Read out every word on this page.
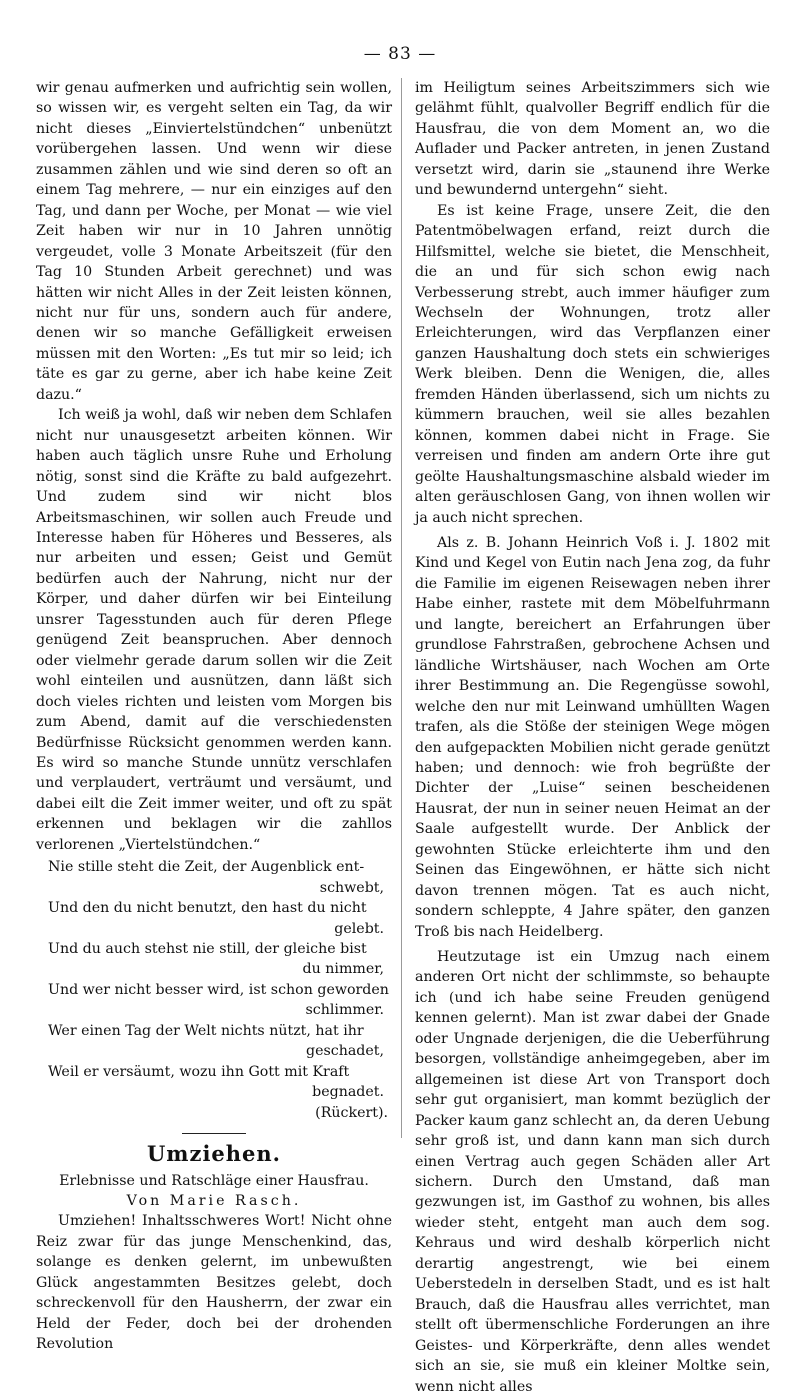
— 83 —

wir genau aufmerken und aufrichtig sein wollen, so wissen wir, es vergeht selten ein Tag, da wir nicht dieses „Einviertelstündchen“ unbenützt vorübergehen lassen. Und wenn wir diese zusammen zählen und wie sind deren so oft an einem Tag mehrere, — nur ein einziges auf den Tag, und dann per Woche, per Monat — wie viel Zeit haben wir nur in 10 Jahren unnötig vergeudet, volle 3 Monate Arbeitszeit (für den Tag 10 Stunden Arbeit gerechnet) und was hätten wir nicht Alles in der Zeit leisten können, nicht nur für uns, sondern auch für andere, denen wir so manche Gefälligkeit erweisen müssen mit den Worten: „Es tut mir so leid; ich täte es gar zu gerne, aber ich habe keine Zeit dazu.“

Ich weiß ja wohl, daß wir neben dem Schlafen nicht nur unausgesetzt arbeiten können. Wir haben auch täglich unsre Ruhe und Erholung nötig, sonst sind die Kräfte zu bald aufgezehrt. Und zudem sind wir nicht blos Arbeitsmaschinen, wir sollen auch Freude und Interesse haben für Höheres und Besseres, als nur arbeiten und essen; Geist und Gemüt bedürfen auch der Nahrung, nicht nur der Körper, und daher dürfen wir bei Einteilung unsrer Tagesstunden auch für deren Pflege genügend Zeit beanspruchen. Aber dennoch oder vielmehr gerade darum sollen wir die Zeit wohl einteilen und ausnützen, dann läßt sich doch vieles richten und leisten vom Morgen bis zum Abend, damit auf die verschiedensten Bedürfnisse Rücksicht genommen werden kann. Es wird so manche Stunde unnütz verschlafen und verplaudert, verträumt und versäumt, und dabei eilt die Zeit immer weiter, und oft zu spät erkennen und beklagen wir die zahllos verlorenen „Viertelstündchen.“

Nie stille steht die Zeit, der Augenblick ent-
schwebt,
Und den du nicht benutzt, den hast du nicht
gelebt.
Und du auch stehst nie still, der gleiche bist
du nimmer,
Und wer nicht besser wird, ist schon geworden
schlimmer.
Wer einen Tag der Welt nichts nützt, hat ihr
geschadet,
Weil er versäumt, wozu ihn Gott mit Kraft
begnadet.
(Rückert).
Umziehen.
Erlebnisse und Ratschläge einer Hausfrau.
Von Marie Rasch.

Umziehen! Inhaltsschweres Wort! Nicht ohne Reiz zwar für das junge Menschenkind, das, solange es denken gelernt, im unbewußten Glück angestammten Besitzes gelebt, doch schreckenvoll für den Hausherrn, der zwar ein Held der Feder, doch bei der drohenden Revolution

im Heiligtum seines Arbeitszimmers sich wie gelähmt fühlt, qualvoller Begriff endlich für die Hausfrau, die von dem Moment an, wo die Auflader und Packer antreten, in jenen Zustand versetzt wird, darin sie „staunend ihre Werke und bewundernd untergehn“ sieht.

Es ist keine Frage, unsere Zeit, die den Patentmöbelwagen erfand, reizt durch die Hilfsmittel, welche sie bietet, die Menschheit, die an und für sich schon ewig nach Verbesserung strebt, auch immer häufiger zum Wechseln der Wohnungen, trotz aller Erleichterungen, wird das Verpflanzen einer ganzen Haushaltung doch stets ein schwieriges Werk bleiben. Denn die Wenigen, die, alles fremden Händen überlassend, sich um nichts zu kümmern brauchen, weil sie alles bezahlen können, kommen dabei nicht in Frage. Sie verreisen und finden am andern Orte ihre gut geölte Haushaltungsmaschine alsbald wieder im alten geräuschlosen Gang, von ihnen wollen wir ja auch nicht sprechen.

Als z. B. Johann Heinrich Voß i. J. 1802 mit Kind und Kegel von Eutin nach Jena zog, da fuhr die Familie im eigenen Reisewagen neben ihrer Habe einher, rastete mit dem Möbelfuhrmann und langte, bereichert an Erfahrungen über grundlose Fahrstraßen, gebrochene Achsen und ländliche Wirtshäuser, nach Wochen am Orte ihrer Bestimmung an. Die Regengüsse sowohl, welche den nur mit Leinwand umhüllten Wagen trafen, als die Stöße der steinigen Wege mögen den aufgepackten Mobilien nicht gerade genützt haben; und dennoch: wie froh begrüßte der Dichter der „Luise“ seinen bescheidenen Hausrat, der nun in seiner neuen Heimat an der Saale aufgestellt wurde. Der Anblick der gewohnten Stücke erleichterte ihm und den Seinen das Eingewöhnen, er hätte sich nicht davon trennen mögen. Tat es auch nicht, sondern schleppte, 4 Jahre später, den ganzen Troß bis nach Heidelberg.

Heutzutage ist ein Umzug nach einem anderen Ort nicht der schlimmste, so behaupte ich (und ich habe seine Freuden genügend kennen gelernt). Man ist zwar dabei der Gnade oder Ungnade derjenigen, die die Ueberführung besorgen, vollständige anheimgegeben, aber im allgemeinen ist diese Art von Transport doch sehr gut organisiert, man kommt bezüglich der Packer kaum ganz schlecht an, da deren Uebung sehr groß ist, und dann kann man sich durch einen Vertrag auch gegen Schäden aller Art sichern. Durch den Umstand, daß man gezwungen ist, im Gasthof zu wohnen, bis alles wieder steht, entgeht man auch dem sog. Kehraus und wird deshalb körperlich nicht derartig angestrengt, wie bei einem Ueberstedeln in derselben Stadt, und es ist halt Brauch, daß die Hausfrau alles verrichtet, man stellt oft übermenschliche Forderungen an ihre Geistes- und Körperkräfte, denn alles wendet sich an sie, sie muß ein kleiner Moltke sein, wenn nicht alles
